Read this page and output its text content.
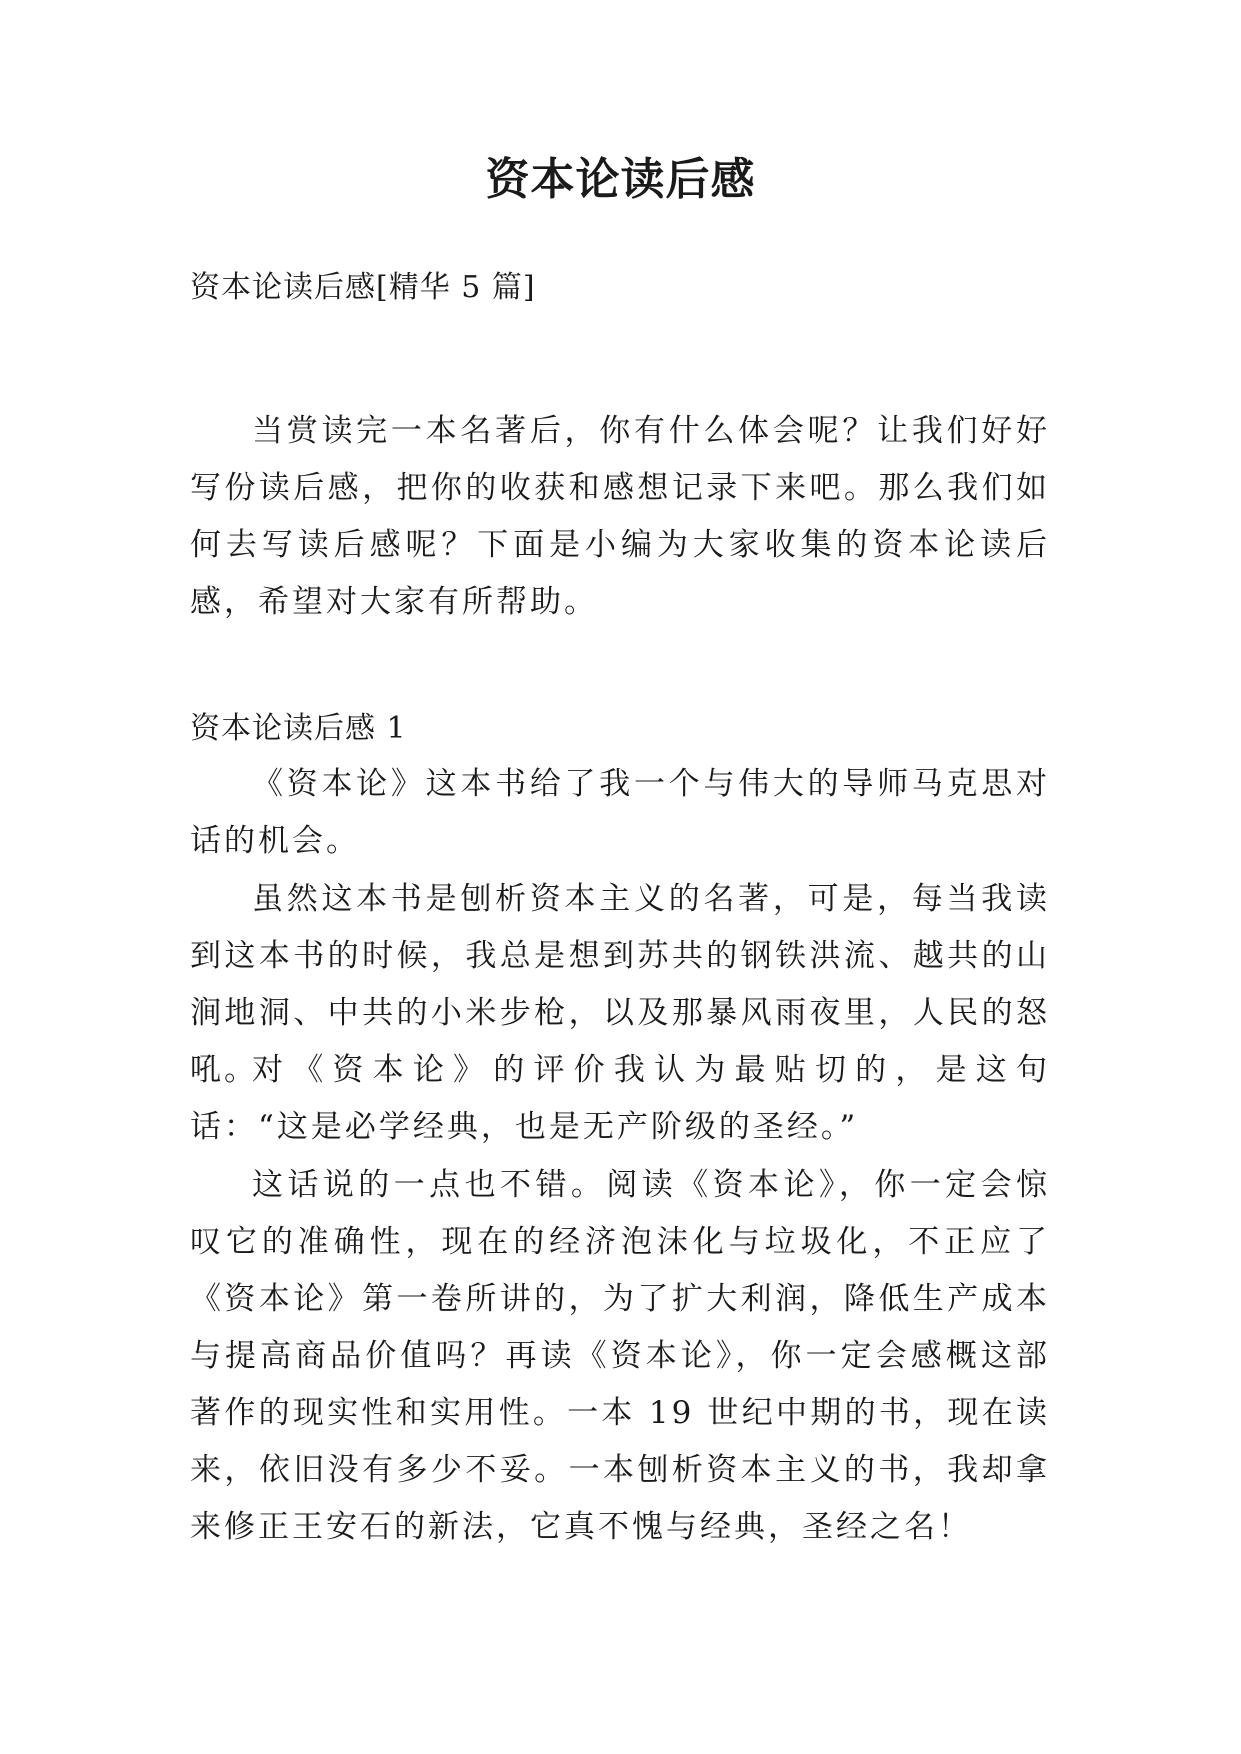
资本论读后感
资本论读后感[精华 5 篇]

当赏读完一本名著后，你有什么体会呢？让我们好好写份读后感，把你的收获和感想记录下来吧。那么我们如何去写读后感呢？下面是小编为大家收集的资本论读后感，希望对大家有所帮助。

资本论读后感 1

《资本论》这本书给了我一个与伟大的导师马克思对话的机会。

虽然这本书是刨析资本主义的名著，可是，每当我读到这本书的时候，我总是想到苏共的钢铁洪流、越共的山涧地洞、中共的小米步枪，以及那暴风雨夜里，人民的怒吼。

对《资本论》的评价我认为最贴切的，是这句话：“这是必学经典，也是无产阶级的圣经。”

这话说的一点也不错。阅读《资本论》，你一定会惊叹它的准确性，现在的经济泡沫化与垃圾化，不正应了《资本论》第一卷所讲的，为了扩大利润，降低生产成本与提高商品价值吗？再读《资本论》，你一定会感概这部著作的现实性和实用性。一本 19 世纪中期的书，现在读来，依旧没有多少不妥。一本刨析资本主义的书，我却拿来修正王安石的新法，它真不愧与经典，圣经之名！
